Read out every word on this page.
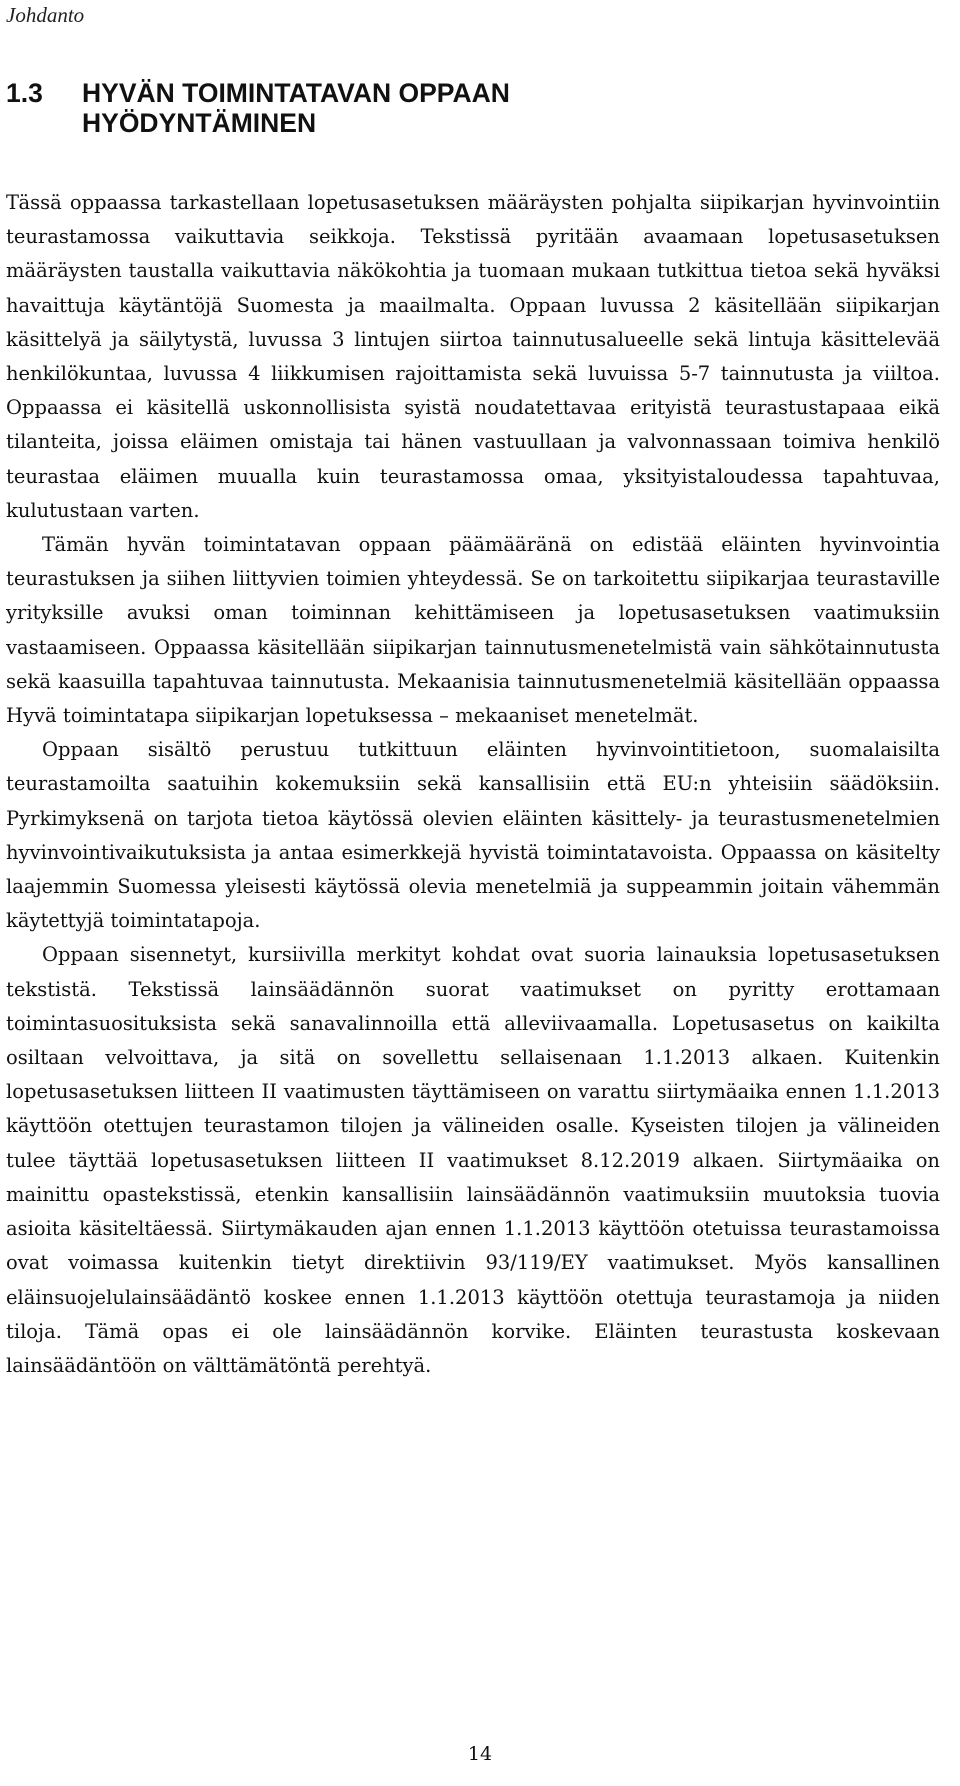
Johdanto
1.3 HYVÄN TOIMINTATAVAN OPPAAN
HYÖDYNTÄMINEN

Tässä oppaassa tarkastellaan lopetusasetuksen määräysten pohjalta siipikarjan hyvinvointiin teurastamossa vaikuttavia seikkoja. Tekstissä pyritään avaamaan lopetusasetuksen määräysten taustalla vaikuttavia näkökohtia ja tuomaan mukaan tutkittua tietoa sekä hyväksi havaittuja käytäntöjä Suomesta ja maailmalta. Oppaan luvussa 2 käsitellään siipikarjan käsittelyä ja säilytystä, luvussa 3 lintujen siirtoa tainnutusalueelle sekä lintuja käsittelevää henkilökuntaa, luvussa 4 liikkumisen rajoittamista sekä luvuissa 5-7 tainnutusta ja viiltoa. Oppaassa ei käsitellä uskonnollisista syistä noudatettavaa erityistä teurastustapaaa eikä tilanteita, joissa eläimen omistaja tai hänen vastuullaan ja valvonnassaan toimiva henkilö teurastaa eläimen muualla kuin teurastamossa omaa, yksityistaloudessa tapahtuvaa, kulutustaan varten.

Tämän hyvän toimintatavan oppaan päämääränä on edistää eläinten hyvinvointia teurastuksen ja siihen liittyvien toimien yhteydessä. Se on tarkoitettu siipikarjaa teurastaville yrityksille avuksi oman toiminnan kehittämiseen ja lopetusasetuksen vaatimuksiin vastaamiseen. Oppaassa käsitellään siipikarjan tainnutusmenetelmistä vain sähkötainnutusta sekä kaasuilla tapahtuvaa tainnutusta. Mekaanisia tainnutusmenetelmiä käsitellään oppaassa Hyvä toimintatapa siipikarjan lopetuksessa – mekaaniset menetelmät.

Oppaan sisältö perustuu tutkittuun eläinten hyvinvointitietoon, suomalaisilta teurastamoilta saatuihin kokemuksiin sekä kansallisiin että EU:n yhteisiin säädöksiin. Pyrkimyksenä on tarjota tietoa käytössä olevien eläinten käsittely- ja teurastusmenetelmien hyvinvointivaikutuksista ja antaa esimerkkejä hyvistä toimintatavoista. Oppaassa on käsitelty laajemmin Suomessa yleisesti käytössä olevia menetelmiä ja suppeammin joitain vähemmän käytettyjä toimintatapoja.

Oppaan sisennetyt, kursiivilla merkityt kohdat ovat suoria lainauksia lopetusasetuksen tekstistä. Tekstissä lainsäädännön suorat vaatimukset on pyritty erottamaan toimintasuosituksista sekä sanavalinnoilla että alleviivaamalla. Lopetusasetus on kaikilta osiltaan velvoittava, ja sitä on sovellettu sellaisenaan 1.1.2013 alkaen. Kuitenkin lopetusasetuksen liitteen II vaatimusten täyttämiseen on varattu siirtymäaika ennen 1.1.2013 käyttöön otettujen teurastamon tilojen ja välineiden osalle. Kyseisten tilojen ja välineiden tulee täyttää lopetusasetuksen liitteen II vaatimukset 8.12.2019 alkaen. Siirtymäaika on mainittu opastekstissä, etenkin kansallisiin lainsäädännön vaatimuksiin muutoksia tuovia asioita käsiteltäessä. Siirtymäkauden ajan ennen 1.1.2013 käyttöön otetuissa teurastamoissa ovat voimassa kuitenkin tietyt direktiivin 93/119/EY vaatimukset. Myös kansallinen eläinsuojelulainsäädäntö koskee ennen 1.1.2013 käyttöön otettuja teurastamoja ja niiden tiloja. Tämä opas ei ole lainsäädännön korvike. Eläinten teurastusta koskevaan lainsäädäntöön on välttämätöntä perehtyä.

14
